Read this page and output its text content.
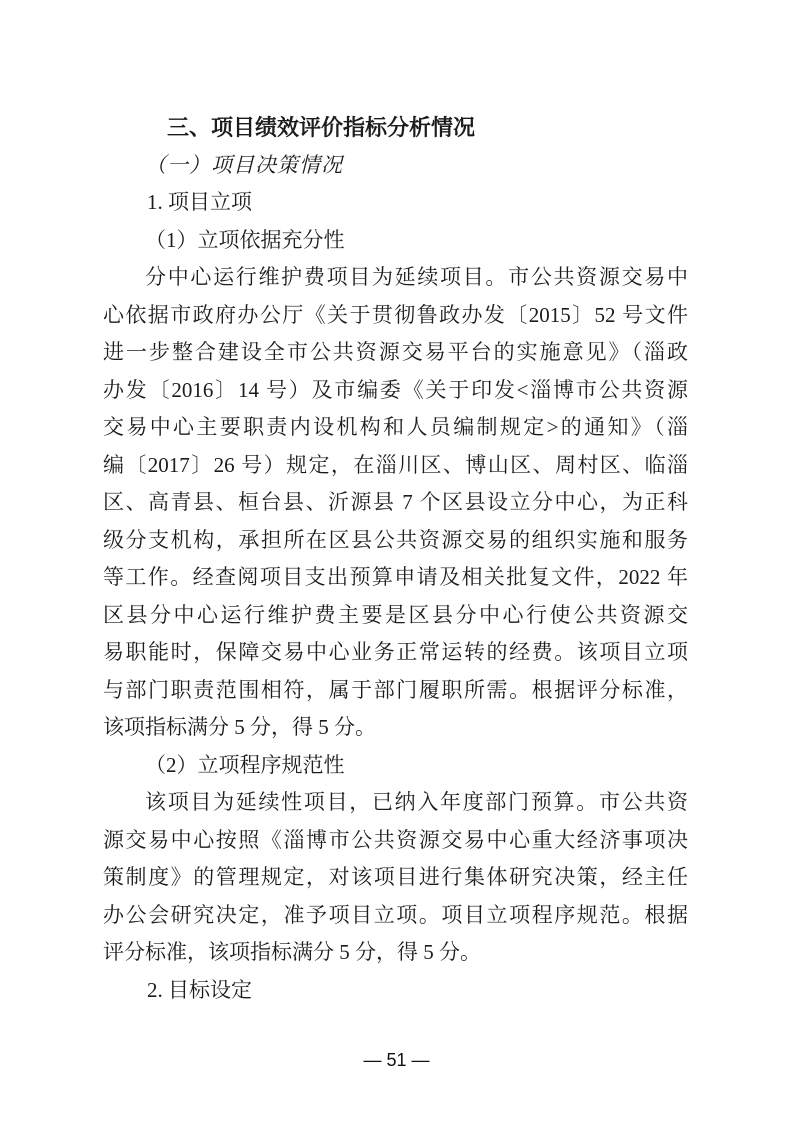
三、项目绩效评价指标分析情况
（一）项目决策情况
1. 项目立项
（1）立项依据充分性
分中心运行维护费项目为延续项目。市公共资源交易中
心依据市政府办公厅《关于贯彻鲁政办发〔2015〕52 号文件
进一步整合建设全市公共资源交易平台的实施意见》（淄政
办发〔2016〕14 号）及市编委《关于印发<淄博市公共资源
交易中心主要职责内设机构和人员编制规定>的通知》（淄
编〔2017〕26 号）规定，在淄川区、博山区、周村区、临淄
区、高青县、桓台县、沂源县 7 个区县设立分中心，为正科
级分支机构，承担所在区县公共资源交易的组织实施和服务
等工作。经查阅项目支出预算申请及相关批复文件，2022 年
区县分中心运行维护费主要是区县分中心行使公共资源交
易职能时，保障交易中心业务正常运转的经费。该项目立项
与部门职责范围相符，属于部门履职所需。根据评分标准，
该项指标满分 5 分，得 5 分。
（2）立项程序规范性
该项目为延续性项目，已纳入年度部门预算。市公共资
源交易中心按照《淄博市公共资源交易中心重大经济事项决
策制度》的管理规定，对该项目进行集体研究决策，经主任
办公会研究决定，准予项目立项。项目立项程序规范。根据
评分标准，该项指标满分 5 分，得 5 分。
2. 目标设定
— 51 —
